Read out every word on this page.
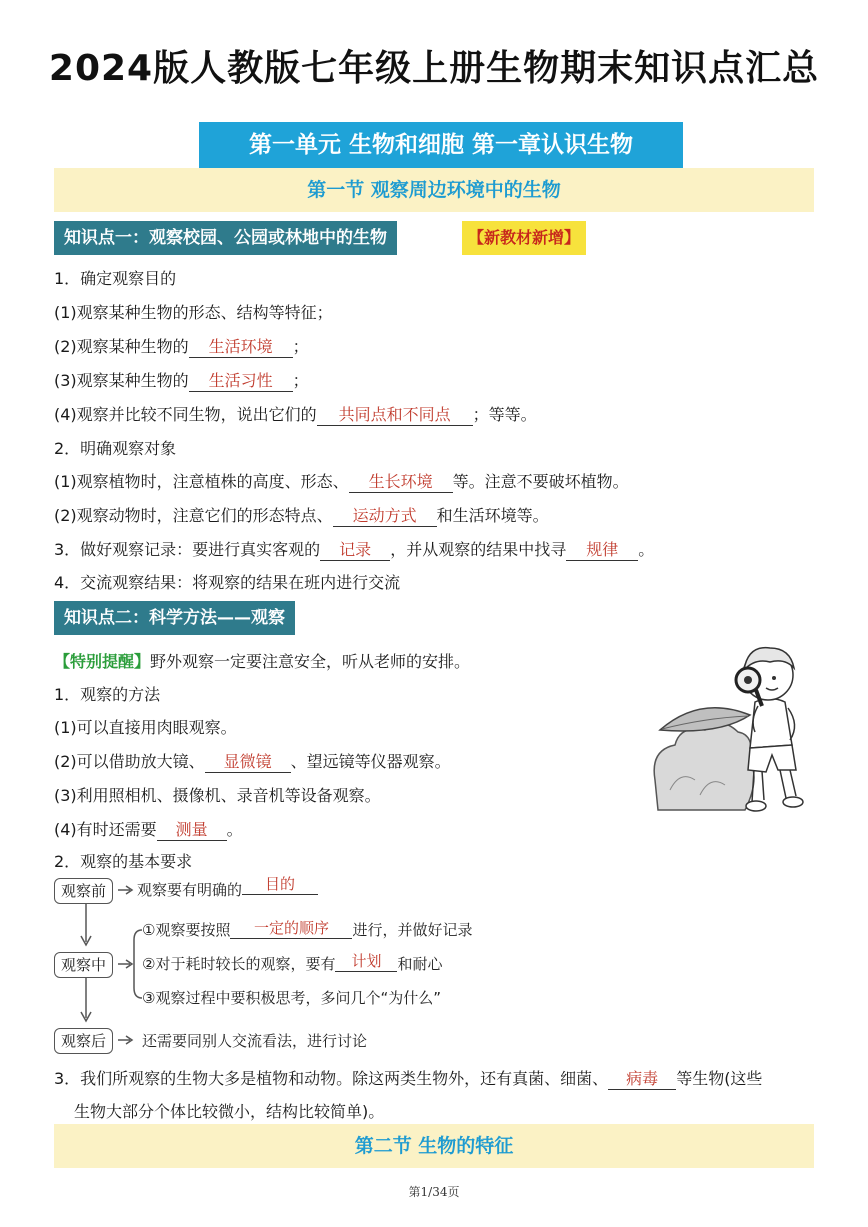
2024版人教版七年级上册生物期末知识点汇总
第一单元 生物和细胞 第一章认识生物
第一节 观察周边环境中的生物
知识点一：观察校园、公园或林地中的生物	【新教材新增】
1．确定观察目的
(1)观察某种生物的形态、结构等特征；
(2)观察某种生物的 生活环境 ；
(3)观察某种生物的 生活习性 ；
(4)观察并比较不同生物，说出它们的 共同点和不同点 ；等等。
2．明确观察对象
(1)观察植物时，注意植株的高度、形态、 生长环境 等。注意不要破坏植物。
(2)观察动物时，注意它们的形态特点、 运动方式 和生活环境等。
3．做好观察记录：要进行真实客观的 记录 ，并从观察的结果中找寻 规律 。
4．交流观察结果：将观察的结果在班内进行交流
知识点二：科学方法——观察
【特别提醒】野外观察一定要注意安全，听从老师的安排。
1．观察的方法
(1)可以直接用肉眼观察。
(2)可以借助放大镜、 显微镜 、望远镜等仪器观察。
(3)利用照相机、摄像机、录音机等设备观察。
(4)有时还需要 测量 。
2．观察的基本要求
观察前	观察要有明确的 目的
观察中
①观察要按照 一定的顺序 进行，并做好记录
②对于耗时较长的观察，要有 计划 和耐心
③观察过程中要积极思考，多问几个“为什么”
观察后	还需要同别人交流看法，进行讨论
3．我们所观察的生物大多是植物和动物。除这两类生物外，还有真菌、细菌、 病毒 等生物(这些
生物大部分个体比较微小，结构比较简单)。
第二节 生物的特征
第1/34页
